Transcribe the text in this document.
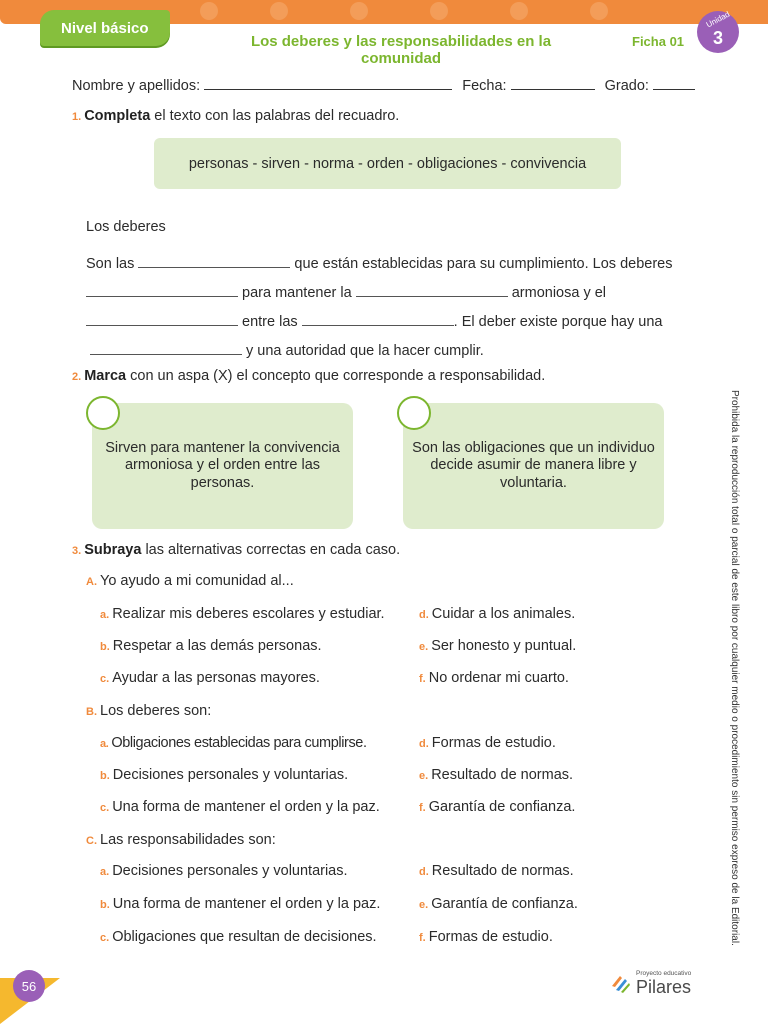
Nivel básico
Los deberes y las responsabilidades en la comunidad
Ficha 01
Unidad
3
Nombre y apellidos:	Fecha:	Grado:
1. Completa el texto con las palabras del recuadro.
personas - sirven - norma - orden - obligaciones - convivencia
Los deberes
Son las	que están establecidas para su cumplimiento. Los deberes
para mantener la	armoniosa y el
entre las	. El deber existe porque hay una
y una autoridad que la hacer cumplir.
2. Marca con un aspa (X) el concepto que corresponde a responsabilidad.
Sirven para mantener la convivencia armoniosa y el orden entre las personas.
Son las obligaciones que un individuo decide asumir de manera libre y voluntaria.
3. Subraya las alternativas correctas en cada caso.
A. Yo ayudo a mi comunidad al...
a. Realizar mis deberes escolares y estudiar.
b. Respetar a las demás personas.
c. Ayudar a las personas mayores.
d. Cuidar a los animales.
e. Ser honesto y puntual.
f. No ordenar mi cuarto.
B. Los deberes son:
a. Obligaciones establecidas para cumplirse.
b. Decisiones personales y voluntarias.
c. Una forma de mantener el orden y la paz.
d. Formas de estudio.
e. Resultado de normas.
f. Garantía de confianza.
C. Las responsabilidades son:
a. Decisiones personales y voluntarias.
b. Una forma de mantener el orden y la paz.
c. Obligaciones que resultan de decisiones.
d. Resultado de normas.
e. Garantía de confianza.
f. Formas de estudio.	Prohibida la reproducción total o parcial de este libro por cualquier medio o procedimiento sin permiso expreso de la Editorial.
56
Proyecto educativo
Pilares
